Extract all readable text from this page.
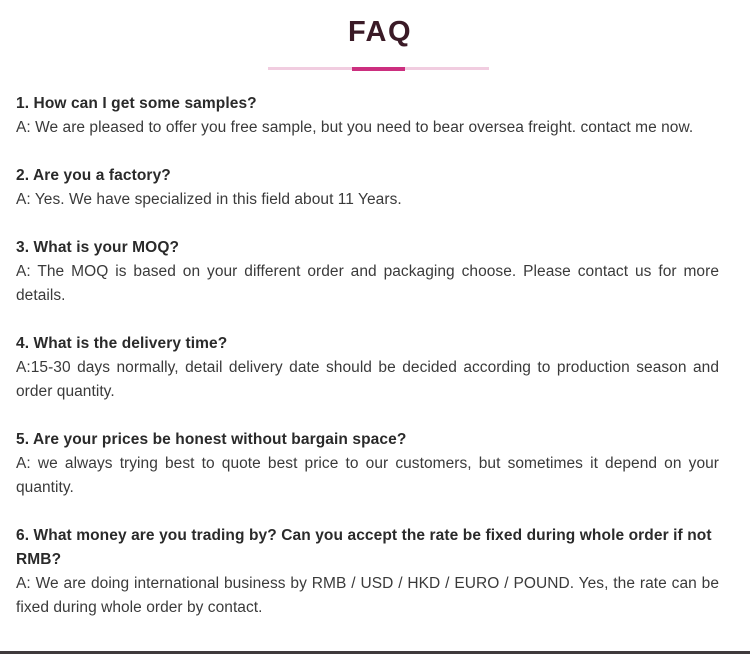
FAQ

1. How can I get some samples?

A: We are pleased to offer you free sample, but you need to bear oversea freight. contact me now.

2. Are you a factory?

A: Yes. We have specialized in this field about 11 Years.

3. What is your MOQ?

A: The MOQ is based on your different order and packaging choose. Please contact us for more details.

4. What is the delivery time?

A:15-30 days normally, detail delivery date should be decided according to production season and order quantity.

5. Are your prices be honest without bargain space?

A: we always trying best to quote best price to our customers, but sometimes it depend on your quantity.

6. What money are you trading by? Can you accept the rate be fixed during whole order if not RMB?

A: We are doing international business by RMB / USD / HKD / EURO / POUND. Yes, the rate can be fixed during whole order by contact.
